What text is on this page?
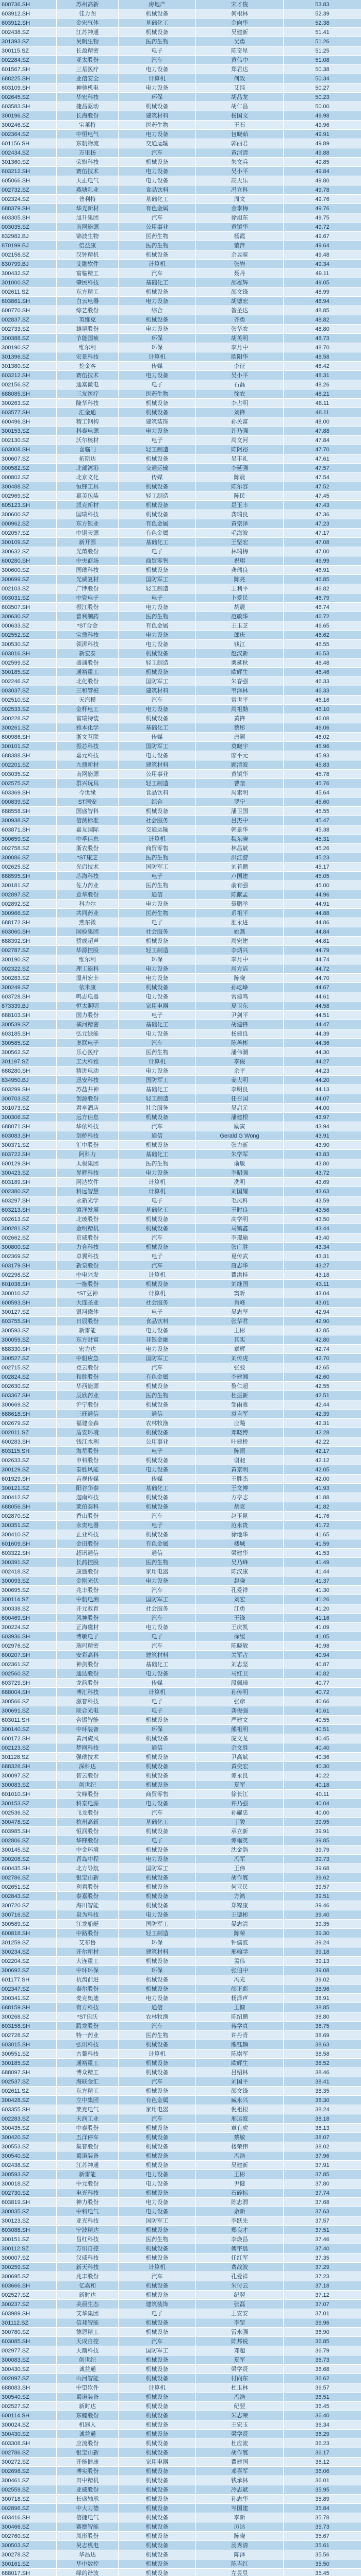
600736.SH	苏州高新	房地产	宋才俊	53.83
603912.SH	佳力图	机械设备	何根林	52.39
603912.SH	金宏气体	基础化工	金向华	52.38
002438.SZ	江苏神通	机械设备	吴建新	51.41
301393.SZ	昊帆生物	医药生物	吴勇	51.26
300115.SZ	长盈精密	电子	陈奇星	51.25
002284.SZ	亚太股份	汽车	黄伟中	51.08
601567.SH	三星医疗	电力设备	郑君达	50.38
688225.SH	亚信安全	计算机	何政	50.34
603109.SH	神驰机电	电力设备	艾纯	50.27
002645.SZ	华宏科技	环保	胡品龙	50.23
603583.SH	捷昌驱动	机械设备	胡仁昌	50.00
300196.SZ	长海股份	建筑材料	杨国文	49.98
300246.SZ	宝莱特	医药生物	王石	49.96
002364.SZ	中恒电气	电力设备	包晓茹	49.91
601156.SH	东航物流	交通运输	郭丽君	49.89
002434.SZ	万里扬	汽车	黄河清	49.88
301360.SZ	荣旗科技	机械设备	朱文兵	49.85
603212.SH	赛伍技术	电力设备	吴小平	49.84
605066.SH	天正电气	电力设备	高天乐	49.80
002732.SZ	燕塘乳业	食品饮料	冯立科	49.78
002324.SZ	普利特	基础化工	周文	49.76
688379.SH	华光新材	有色金属	金李梅	49.76
603305.SH	旭升集团	汽车	徐旭东	49.75
003035.SZ	南网能源	公用事业	黄镇华	49.72
832982.BJ	锦波生物	医药生物	杨霞	49.67
870199.BJ	倍益康	医药生物	董萍	49.64
002158.SZ	汉钟精机	机械设备	余昱暄	49.48
830799.BJ	艾融软件	计算机	张岩	49.34
300432.SZ	富临精工	汽车	聂丹	49.11
301000.SZ	肇民科技	基础化工	邵雄辉	49.05
002611.SZ	东方精工	机械设备	邵文锋	48.99
603861.SH	白云电器	电力设备	胡德宏	48.94
600770.SH	综艺股份	综合	昝圣达	48.85
002837.SZ	英维克	机械设备	齐勇	48.82
002733.SZ	雄韬股份	电力设备	张华农	48.80
300388.SZ	节能国祯	环保	胡英明	48.73
300190.SZ	维尔利	环保	李月中	48.70
301396.SZ	宏景科技	计算机	欧阳华	48.58
301380.SZ	挖金客	传媒	李征	48.42
603212.SH	赛伍技术	电力设备	吴小平	48.31
002156.SZ	通富微电	电子	石磊	48.26
688085.SH	三友医疗	医药生物	徐农	48.21
300263.SZ	隆华科技	机械设备	李占明	48.11
603577.SH	汇金通	机械设备	刘锋	48.11
600496.SH	精工钢构	建筑装饰	孙关富	48.00
300153.SZ	科泰电源	电力设备	许乃强	47.88
002130.SZ	沃尔核材	电子	周文河	47.84
603008.SH	喜临门	轻工制造	陈阿裕	47.70
300607.SZ	拓斯达	机械设备	吴丰礼	47.61
000582.SZ	北部湾港	交通运输	李延强	47.57
000802.SZ	北京文化	传媒	陈晨	47.54
300488.SZ	恒锋工具	机械设备	陈尔容	47.52
002969.SZ	嘉美包装	轻工制造	陈民	47.45
605123.SH	派克新材	机械设备	是玉丰	47.43
300600.SZ	国瑞科技	机械设备	龚瑞良	47.36
000962.SZ	东方钽业	有色金属	黄宗泽	47.23
002057.SZ	中钢天源	有色金属	毛海波	47.17
300109.SZ	新开源	基础化工	王坚宏	47.08
300632.SZ	光莆股份	电子	林瑞梅	47.00
600280.SH	中央商场	商贸零售	祝珺	46.99
300600.SZ	国瑞科技	机械设备	龚瑞良	46.91
300699.SZ	光威复材	国防军工	陈亮	46.85
002103.SZ	广博股份	轻工制造	王利平	46.82
003031.SZ	中瓷电子	电子	卜爱民	46.79
603507.SH	振江股份	电力设备	胡震	46.74
300630.SZ	普利制药	医药生物	范敏华	46.72
000633.SZ	*ST合金	有色金属	王玉芝	46.65
002552.SZ	宝鼎科技	电力设备	郎庆	46.62
300530.SZ	领湃科技	电力设备	钱江	46.55
603016.SH	新宏泰	机械设备	赵汉新	46.53
002599.SZ	盛通股份	轻工制造	栗延秋	46.48
300185.SZ	通裕重工	机械设备	欧辉生	46.46
002246.SZ	北化股份	国防军工	朱春强	46.33
003037.SZ	三和管桩	建筑材料	韦泽林	46.33
002510.SZ	天汽模	汽车	常世平	46.16
002533.SZ	金杯电工	电力设备	周祖勤	46.10
300228.SZ	富瑞特装	机械设备	黄锋	46.08
300261.SZ	雅本化学	基础化工	蔡彤	46.06
600986.SH	浙文互联	传媒	唐颖	46.02
300101.SZ	振芯科技	国防军工	莫晓宇	45.96
688388.SH	嘉元科技	电力设备	廖平元	45.93
002201.SZ	九鼎新材	建筑材料	顾清波	45.83
003035.SZ	南网能源	公用事业	黄镇华	45.78
002575.SZ	群兴玩具	轻工制造	曹奎	45.76
603369.SH	今世缘	食品饮料	周素明	45.64
000839.SZ	ST国安	综合	罗宁	45.60
688558.SH	国盛智科	机械设备	潘卫国	45.55
300938.SZ	信测标准	社会服务	吕杰中	45.47
603871.SH	嘉友国际	交通运输	韩景华	45.38
300659.SZ	中孚信息	计算机	魏东晓	45.31
002758.SZ	浙农股份	商贸零售	林昌斌	45.26
300086.SZ	*ST康芝	医药生物	洪江游	45.23
002625.SZ	光启技术	国防军工	刘若鹏	45.17
688595.SH	芯海科技	电子	卢国建	45.05
300181.SZ	佐力药业	医药生物	俞有强	45.00
002897.SZ	意华股份	通信	陈献孟	44.96
002892.SZ	科力尔	电力设备	聂鹏举	44.91
300966.SZ	共同药业	医药生物	系祖平	44.88
688172.SH	燕东微	电子	淮永进	44.86
603060.SH	国检集团	社会服务	姚燕	44.84
688392.SH	骄成超声	机械设备	周宏建	44.81
002787.SZ	华源控股	轻工制造	李炳兴	44.79
300190.SZ	维尔利	环保	李月中	44.74
002322.SZ	理工能科	电力设备	周方洁	44.72
300283.SZ	温州宏丰	电力设备	陈晓	44.70
300249.SZ	依米康	机械设备	孙屹峥	44.67
603728.SH	鸣志电器	电力设备	常建鸣	44.61
873339.BJ	恒太照明	家用电器	夏卫东	44.58
688103.SH	国力股份	电子	尹剑平	44.51
300539.SZ	横河精密	基础化工	胡建锋	44.47
603185.SH	弘元绿能	电力设备	杨建良	44.39
300585.SZ	奥联电子	汽车	陈善彬	44.36
300562.SZ	乐心医疗	医药生物	潘伟潮	44.30
301197.SZ	工大科雅	计算机	李俊	44.27
688280.SH	精进电动	电力设备	余平	44.23
834950.BJ	迅安科技	国防军工	姜大明	44.20
603299.SH	苏盐井神	基础化工	李明良	44.13
300703.SZ	创源股份	轻工制造	任召国	44.07
301073.SZ	君亭酒店	社会服务	吴启元	44.00
300306.SZ	远方信息	机械设备	潘建根	43.97
688071.SH	华依科技	汽车	励寅	43.94
603083.SH	剑桥科技	通信	Gerald G Wong	43.91
300371.SZ	汇中股份	机械设备	张力新	43.90
603722.SH	阿科力	基础化工	朱学军	43.83
600129.SH	太极集团	医药生物	俞敏	43.80
300423.SZ	昇辉科技	电力设备	李昭强	43.72
603189.SH	网达软件	计算机	冼明	43.69
002380.SZ	科远智慧	计算机	刘国耀	43.63
603297.SH	永新光学	电子	毛凤科	43.59
603213.SH	镇洋发展	基础化工	王时良	43.56
002613.SZ	北玻股份	机械设备	高学明	43.50
300281.SZ	金明精机	机械设备	马镇鑫	43.44
002662.SZ	京威股份	汽车	李璟瑜	43.40
300800.SZ	力合科技	机械设备	张广胜	43.34
002369.SZ	卓翼科技	电子	夏传武	43.31
603179.SH	新泉股份	汽车	唐志华	43.27
002298.SZ	中电兴发	计算机	瞿洪桂	43.18
601038.SH	一拖股份	机械设备	刘继国	43.11
300010.SZ	*ST豆神	计算机	窦昕	43.04
600593.SH	大连圣亚	社会服务	肖峰	43.01
300127.SZ	银河磁体	电子	吴志坚	42.94
603755.SH	日辰股份	食品饮料	张华君	42.90
300593.SZ	新雷能	电力设备	王彬	42.85
300059.SZ	东方财富	非银金融	其实	42.80
688330.SH	宏力达	电力设备	章辉	42.74
300527.SZ	中船应急	国防军工	刘传虎	42.70
002715.SZ	登云股份	汽车	张弢	42.65
002824.SZ	和胜股份	有色金属	李建湘	42.60
002630.SZ	华西能源	机械设备	黎仁超	42.55
603367.SH	辰欣药业	医药生物	杜振新	42.51
300669.SZ	沪宁股份	机械设备	邹雨雅	42.44
688618.SH	三旺通信	通信	袁自军	42.39
002679.SZ	福建金森	农林牧渔	应飚	42.31
002011.SZ	盾安环境	机械设备	邓晓博	42.28
600283.SH	钱江水利	公用事业	叶建桥	42.22
603115.SH	海星股份	电子	陈雨	42.17
002633.SZ	申科股份	机械设备	谢昶	42.12
300129.SZ	泰胜风能	电力设备	黄京明	42.05
601929.SH	吉视传媒	传媒	王胜杰	42.00
300121.SZ	阳谷华泰	基础化工	王文博	41.93
300412.SZ	迦南科技	机械设备	方亨志	41.88
688056.SH	莱伯泰科	机械设备	胡克	41.82
002870.SZ	香山股份	汽车	赵玉昆	41.76
300351.SZ	永贵电器	电子	范永贵	41.72
300410.SZ	正业科技	机械设备	徐地华	41.65
601609.SH	金田股份	有色金属	楼城	41.59
603322.SH	超讯通信	通信	梁建华	41.53
300391.SZ	长药控股	医药生物	吴乃峰	41.49
002418.SZ	康盛股份	家用电器	陈汉康	41.44
300093.SZ	金刚光伏	电力设备	赵晓	41.37
300695.SZ	兆丰股份	汽车	孔爱祥	41.30
300114.SZ	中航电测	国防军工	刘宏	41.26
300338.SZ	开元教育	社会服务	江勇	41.20
600469.SH	风神股份	汽车	王锋	41.16
300224.SZ	正海磁材	电力设备	王庆凯	41.09
603936.SH	博敏电子	电子	徐缓	41.05
002976.SZ	瑞玛精密	汽车	陈晓敏	40.98
600207.SH	安彩高科	建筑材料	关军占	40.94
002361.SZ	神剑股份	基础化工	刘志坚	40.87
002560.SZ	通达股份	电力设备	马红卫	40.82
603729.SH	龙韵股份	传媒	段佩璋	40.77
688004.SH	博汇科技	计算机	孙传明	40.72
300566.SZ	激智科技	电子	张彦	40.66
300691.SZ	联合光电	电子	龚俊强	40.61
603011.SH	合锻智能	机械设备	严建文	40.55
300140.SZ	中环装备	环保	熊祖明	40.51
600172.SH	黄河旋风	机械设备	庞文龙	40.45
002123.SZ	梦网科技	通信	余文胜	40.40
301128.SZ	强瑞技术	机械设备	尹高斌	40.36
688328.SH	深科达	机械设备	黄奕宏	40.30
300097.SZ	智云股份	机械设备	谭永良	40.22
300083.SZ	创世纪	机械设备	夏军	40.18
601010.SH	文峰股份	商贸零售	徐长江	40.11
300153.SZ	科泰电源	电力设备	许乃强	40.04
002536.SZ	飞龙股份	汽车	孙耀忠	40.00
300478.SZ	杭州高新	基础化工	丁骏	39.95
603985.SH	恒润股份	机械设备	承立新	39.91
002806.SZ	华锋股份	电子	谭帼英	39.85
300145.SZ	中金环境	机械设备	沈金浩	39.79
300208.SZ	青岛中程	电力设备	冯军	39.73
600435.SH	北方导航	国防军工	王伟	39.68
002786.SZ	银宝山新	机械设备	胡作寰	39.62
002651.SZ	利君股份	机械设备	何亚民	39.57
002843.SZ	泰嘉股份	机械设备	方鸿	39.51
300720.SZ	海川智能	机械设备	郑锦康	39.46
300716.SZ	泉为科技	电力设备	王德彬	39.40
300589.SZ	江龙船艇	国防军工	晏志清	39.35
600818.SH	中路股份	轻工制造	陈荣	39.30
301259.SZ	艾布鲁	环保	钟儒波	39.24
300234.SZ	开尔新材	建筑材料	邢翰学	39.18
002204.SZ	大连重工	机械设备	孟伟	39.13
300692.SZ	中环环保	环保	张伯中	39.08
601177.SH	杭齿前进	机械设备	冯光	39.02
002347.SZ	泰尔股份	机械设备	邰正彪	38.96
300341.SZ	麦克奥迪	电力设备	杨泽声	38.91
688159.SH	有方科技	通信	王慷	38.85
300268.SZ	*ST佳沃	农林牧渔	陈绍鹏	38.80
603158.SH	腾龙股份	汽车	蒋学真	38.75
002728.SZ	特一药业	医药生物	许丹青	38.69
603015.SH	弘讯科技	机械设备	熊钰麟	38.63
300551.SZ	古鳌科技	计算机	陈崇军	38.58
300185.SZ	通裕重工	机械设备	欧辉生	38.52
688097.SH	博众精工	机械设备	吕绍林	38.46
002537.SZ	海联金汇	汽车	刘国平	38.41
002611.SZ	东方精工	机械设备	邵文锋	38.35
300428.SZ	立中集团	有色金属	臧永兴	38.30
603355.SH	莱克电气	家用电器	倪祖根	38.24
002283.SZ	天润工业	汽车	邢运波	38.18
300435.SZ	中泰股份	机械设备	章有虎	38.13
300420.SZ	五洋停车	机械设备	蔡敏	38.07
300553.SZ	集智股份	机械设备	楼荣伟	38.02
300540.SZ	蜀道装备	机械设备	冯浩	37.96
002438.SZ	江苏神通	机械设备	吴建新	37.91
300593.SZ	新雷能	电力设备	王彬	37.85
300018.SZ	中元股份	电力设备	尹健	37.80
002730.SZ	电光科技	机械设备	石碎标	37.74
603819.SH	神力股份	电力设备	陈忠渭	37.68
300035.SZ	中科电气	电力设备	余新	37.63
300123.SZ	亚光科技	国防军工	李跃先	37.57
603088.SH	宁波精达	机械设备	郑良才	37.51
300151.SZ	昌红科技	医药生物	李焕昌	37.46
300112.SZ	万讯自控	机械设备	傅宇晨	37.40
300007.SZ	汉威科技	机械设备	任红军	37.35
300259.SZ	新天科技	计算机	费战波	37.29
300695.SZ	兆丰股份	汽车	孔爱祥	37.23
603666.SH	亿嘉和	机械设备	朱付云	37.18
002527.SZ	新时达	机械设备	纪翌	37.12
300237.SZ	美晨生态	建筑装饰	张磊	37.07
603989.SH	艾华集团	电子	王安安	37.01
301112.SZ	信邦智能	机械设备	李罡	36.96
300780.SZ	德恩精工	机械设备	雷永强	36.90
603085.SH	天成自控	汽车	陈邦锐	36.85
002977.SZ	天箭科技	国防军工	邓超	36.79
300083.SZ	创世纪	机械设备	夏军	36.73
300430.SZ	诚益通	机械设备	梁学贤	36.68
002097.SZ	山河智能	机械设备	付向东	36.62
688083.SH	中望软件	计算机	杜玉林	36.57
300540.SZ	蜀道装备	机械设备	冯浩	36.51
002527.SZ	新时达	机械设备	纪翌	36.45
600114.SH	东睦股份	机械设备	朱志荣	36.40
300024.SZ	机器人	机械设备	王宏玉	36.34
300430.SZ	诚益通	机械设备	梁学贤	36.29
603308.SH	应流股份	机械设备	杜应流	36.23
002786.SZ	银宝山新	机械设备	胡作寰	36.17
300272.SZ	开能健康	家用电器	瞿建国	36.12
002698.SZ	博实股份	机械设备	邓喜军	36.06
300461.SZ	田中精机	机械设备	钱承林	36.01
002559.SZ	亚威股份	机械设备	冷志斌	35.95
300718.SZ	长盛轴承	机械设备	孙志华	35.89
002896.SZ	中大力德	机械设备	岑国建	35.84
603416.SH	信捷电气	机械设备	李新	35.78
300466.SZ	赛摩智能	机械设备	厉达	35.73
002760.SZ	凤形股份	机械设备	陈晓	35.67
300503.SZ	昊志机电	机械设备	汤秀清	35.61
300278.SZ	华昌达	机械设备	陈泽	35.56
300161.SZ	华中数控	机械设备	陈吉红	35.50
688017.SH	绿的谐波	机械设备	左昱昱	35.45
